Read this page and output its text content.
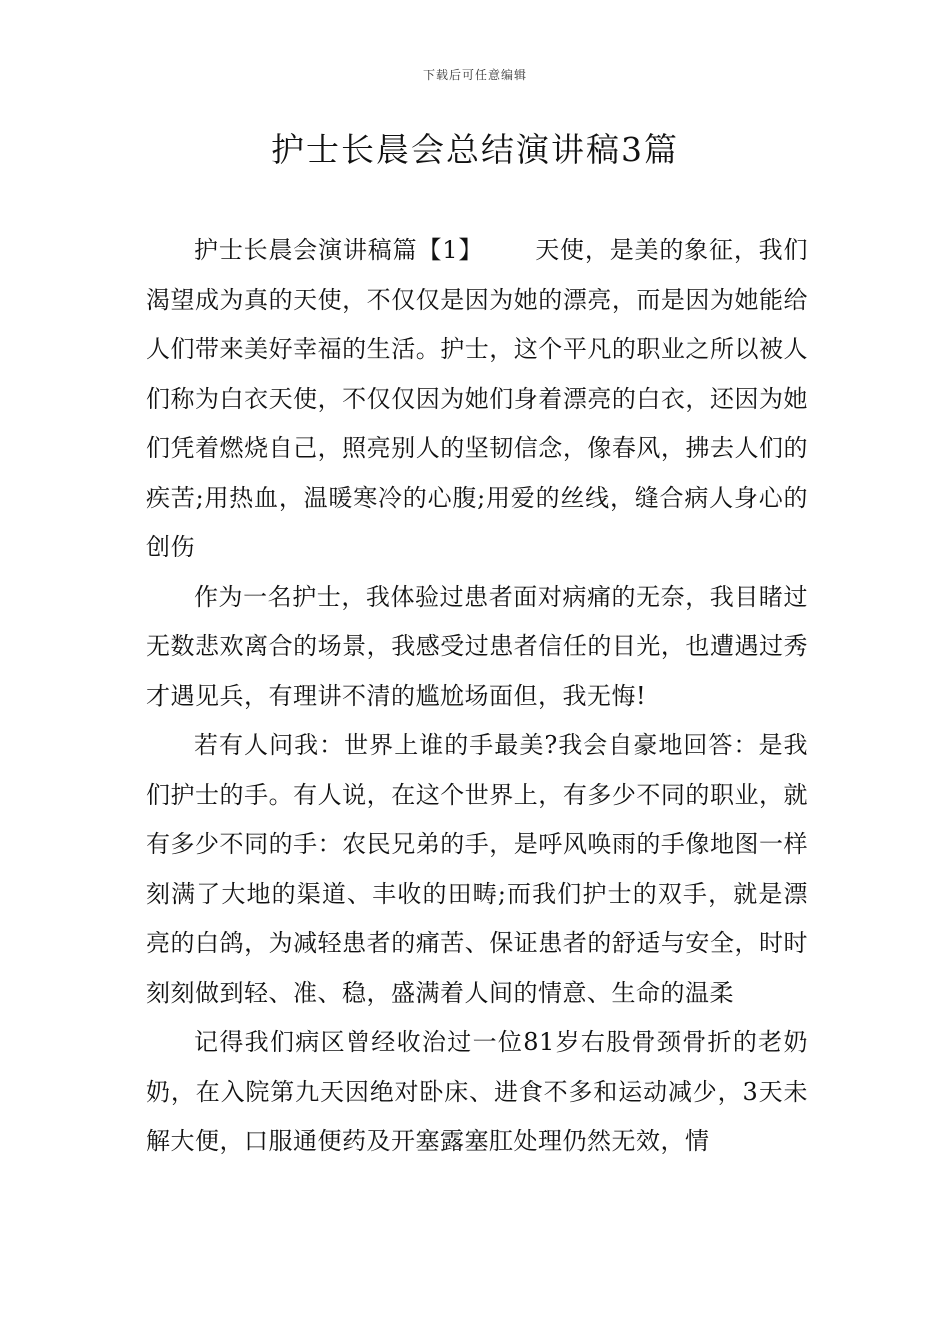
下载后可任意编辑
护士长晨会总结演讲稿3篇

护士长晨会演讲稿篇【1】 天使，是美的象征，我们渴望成为真的天使，不仅仅是因为她的漂亮，而是因为她能给人们带来美好幸福的生活。护士，这个平凡的职业之所以被人们称为白衣天使，不仅仅因为她们身着漂亮的白衣，还因为她们凭着燃烧自己，照亮别人的坚韧信念，像春风，拂去人们的疾苦;用热血，温暖寒冷的心腹;用爱的丝线，缝合病人身心的创伤

作为一名护士，我体验过患者面对病痛的无奈，我目睹过无数悲欢离合的场景，我感受过患者信任的目光，也遭遇过秀才遇见兵，有理讲不清的尴尬场面但，我无悔!

若有人问我：世界上谁的手最美?我会自豪地回答：是我们护士的手。有人说，在这个世界上，有多少不同的职业，就有多少不同的手：农民兄弟的手，是呼风唤雨的手像地图一样刻满了大地的渠道、丰收的田畴;而我们护士的双手，就是漂亮的白鸽，为减轻患者的痛苦、保证患者的舒适与安全，时时刻刻做到轻、准、稳，盛满着人间的情意、生命的温柔

记得我们病区曾经收治过一位81岁右股骨颈骨折的老奶奶，在入院第九天因绝对卧床、进食不多和运动减少，3天未解大便，口服通便药及开塞露塞肛处理仍然无效，情
